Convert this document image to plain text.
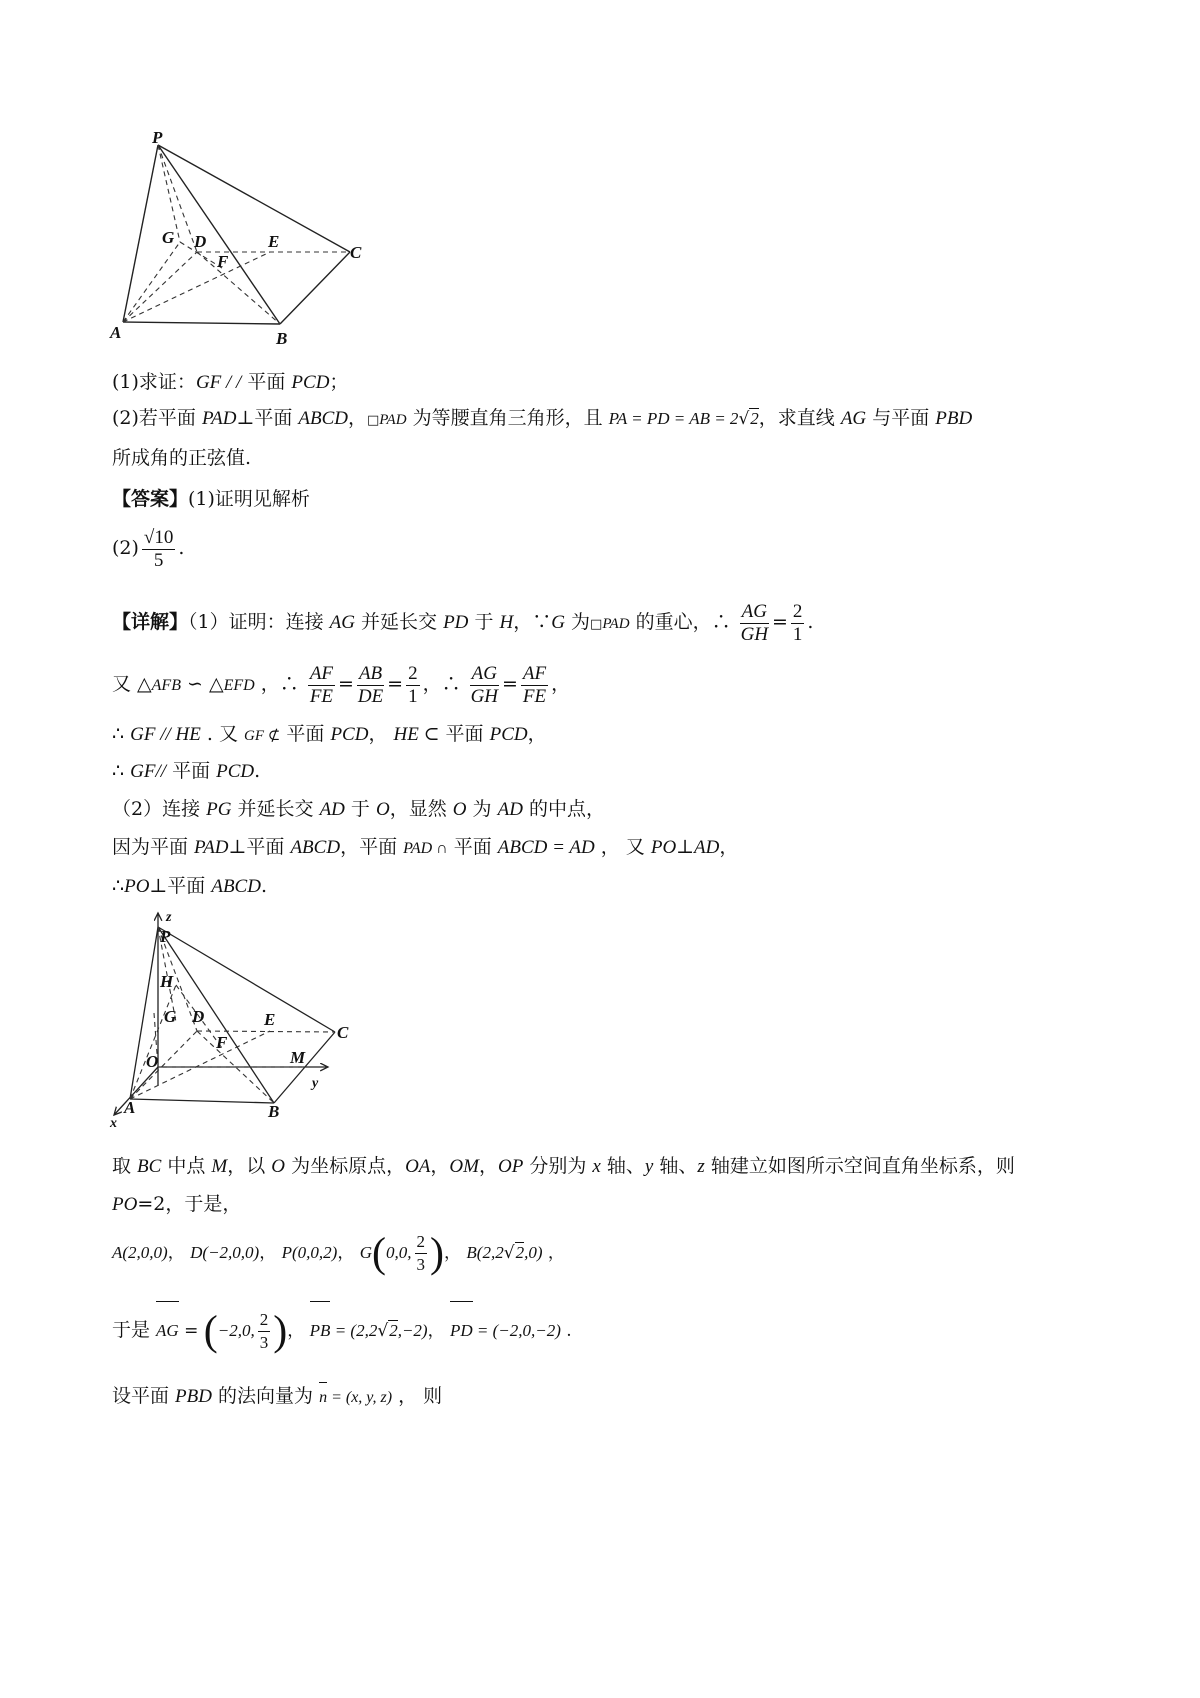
P
G D	E
C
F
A	B
(1)求证：GF / / 平面 PCD；
(2)若平面 PAD⊥平面 ABCD，□PAD 为等腰直角三角形，且 PA = PD = AB = 2√2，求直线 AG 与平面 PBD
所成角的正弦值.
【答案】(1)证明见解析
$(2) \frac{√10}{5}$ .
【详解】（1）证明：连接 AG 并延长交 PD 于 H，∵G 为□PAD 的重心，∴ $\frac{AG}{GH} = \frac{2}{1}$ .
又 △AFB ∽ △EFD ，∴ $\frac{AF}{FE} = \frac{AB}{DE} = \frac{2}{1}$ ，∴ $\frac{AG}{GH} = \frac{AF}{FE}$ ，
∴ GF // HE . 又 GF ⊄ 平面 PCD， HE ⊂ 平面 PCD，
∴ GF// 平面 PCD.
（2）连接 PG 并延长交 AD 于 O，显然 O 为 AD 的中点，
因为平面 PAD⊥平面 ABCD，平面 PAD ∩ 平面 ABCD = AD ， 又 PO⊥AD，
∴PO⊥平面 ABCD.
z
P
H
G D	E
C
F
M
O
y
A	B
x
取 BC 中点 M，以 O 为坐标原点，OA，OM，OP 分别为 x 轴、y 轴、z 轴建立如图所示空间直角坐标系，则
PO=2，于是，
A(2,0,0)， D(−2,0,0)， P(0,0,2)， G(0,0, $\frac{2}{3}$ )， B(2,2√2,0) ，
于是 AG = (−2,0, $\frac{2}{3}$ )， PB = (2,2√2,−2)， PD = (−2,0,−2) .
设平面 PBD 的法向量为 n = (x, y, z) ， 则
